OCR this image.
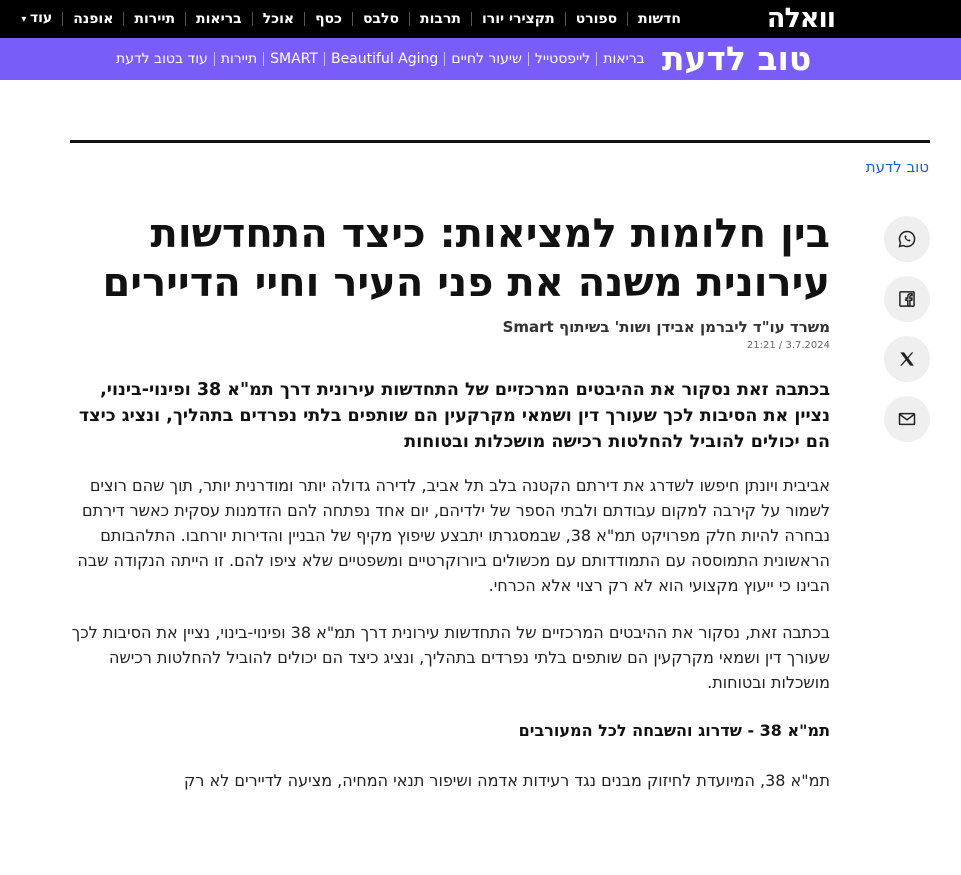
וואלה
חדשות
ספורט
תקצירי יורו
תרבות
סלבס
כסף
אוכל
בריאות
תיירות
אופנה
עוד ▾
טוב לדעת
בריאות
לייפסטייל
שיעור לחיים
Beautiful Aging
SMART
תיירות
עוד בטוב לדעת
טוב לדעת
בין חלומות למציאות: כיצד התחדשות עירונית משנה את פני העיר וחיי הדיירים
משרד עו"ד ליברמן אבידן ושות' בשיתוף Smart
3.7.2024 / 21:21

בכתבה זאת נסקור את ההיבטים המרכזיים של התחדשות עירונית דרך תמ"א 38 ופינוי-בינוי, נציין את הסיבות לכך שעורך דין ושמאי מקרקעין הם שותפים בלתי נפרדים בתהליך, ונציג כיצד הם יכולים להוביל להחלטות רכישה מושכלות ובטוחות

אביבית ויונתן חיפשו לשדרג את דירתם הקטנה בלב תל אביב, לדירה גדולה יותר ומודרנית יותר, תוך שהם רוצים לשמור על קירבה למקום עבודתם ולבתי הספר של ילדיהם, יום אחד נפתחה להם הזדמנות עסקית כאשר דירתם נבחרה להיות חלק מפרויקט תמ"א 38, שבמסגרתו יתבצע שיפוץ מקיף של הבניין והדירות יורחבו. התלהבותם הראשונית התמוססה עם התמודדותם עם מכשולים ביורוקרטיים ומשפטיים שלא ציפו להם. זו הייתה הנקודה שבה הבינו כי ייעוץ מקצועי הוא לא רק רצוי אלא הכרחי.

בכתבה זאת, נסקור את ההיבטים המרכזיים של התחדשות עירונית דרך תמ"א 38 ופינוי-בינוי, נציין את הסיבות לכך שעורך דין ושמאי מקרקעין הם שותפים בלתי נפרדים בתהליך, ונציג כיצד הם יכולים להוביל להחלטות רכישה מושכלות ובטוחות.

תמ"א 38 - שדרוג והשבחה לכל המעורבים

תמ"א 38, המיועדת לחיזוק מבנים נגד רעידות אדמה ושיפור תנאי המחיה, מציעה לדיירים לא רק
